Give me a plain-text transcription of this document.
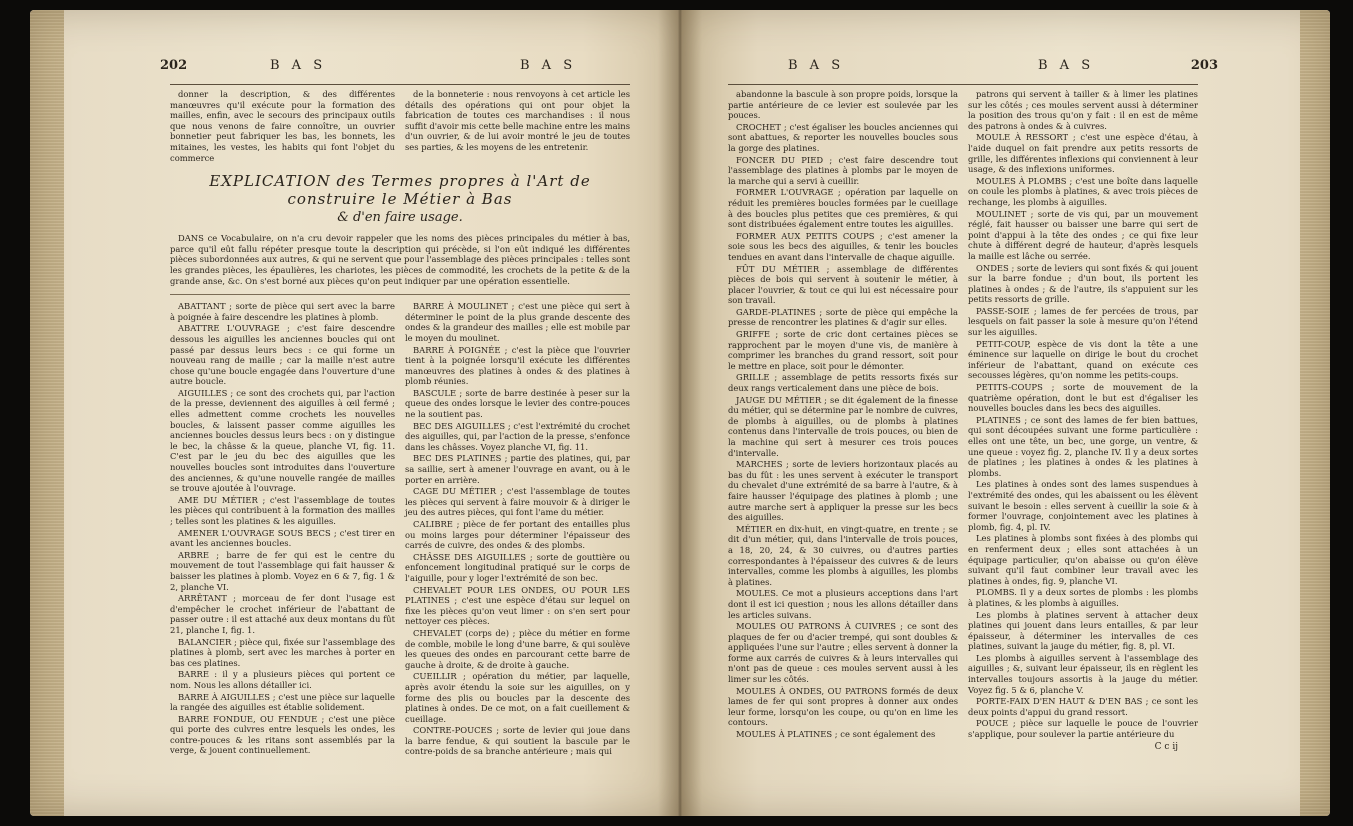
202	B A S	B A S

donner la description, & des différentes manœuvres qu'il exécute pour la formation des mailles, enfin, avec le secours des principaux outils que nous venons de faire connoître, un ouvrier bonnetier peut fabriquer les bas, les bonnets, les mitaines, les vestes, les habits qui font l'objet du commerce

de la bonneterie : nous renvoyons à cet article les détails des opérations qui ont pour objet la fabrication de toutes ces marchandises : il nous suffit d'avoir mis cette belle machine entre les mains d'un ouvrier, & de lui avoir montré le jeu de toutes ses parties, & les moyens de les entretenir.

EXPLICATION des Termes propres à l'Art de construire le Métier à Bas
& d'en faire usage.

DANS ce Vocabulaire, on n'a cru devoir rappeler que les noms des pièces principales du métier à bas, parce qu'il eût fallu répéter presque toute la description qui précède, si l'on eût indiqué les différentes pièces subordonnées aux autres, & qui ne servent que pour l'assemblage des pièces principales : telles sont les grandes pièces, les épaulières, les chariotes, les pièces de commodité, les crochets de la petite & de la grande anse, &c. On s'est borné aux pièces qu'on peut indiquer par une opération essentielle.

ABATTANT ; sorte de pièce qui sert avec la barre à poignée à faire descendre les platines à plomb.

ABATTRE L'OUVRAGE ; c'est faire descendre dessous les aiguilles les anciennes boucles qui ont passé par dessus leurs becs : ce qui forme un nouveau rang de maille ; car la maille n'est autre chose qu'une boucle engagée dans l'ouverture d'une autre boucle.

AIGUILLES ; ce sont des crochets qui, par l'action de la presse, deviennent des aiguilles à œil fermé ; elles admettent comme crochets les nouvelles boucles, & laissent passer comme aiguilles les anciennes boucles dessus leurs becs : on y distingue le bec, la châsse & la queue, planche VI, fig. 11. C'est par le jeu du bec des aiguilles que les nouvelles boucles sont introduites dans l'ouverture des anciennes, & qu'une nouvelle rangée de mailles se trouve ajoutée à l'ouvrage.

AME DU MÉTIER ; c'est l'assemblage de toutes les pièces qui contribuent à la formation des mailles ; telles sont les platines & les aiguilles.

AMENER L'OUVRAGE SOUS BECS ; c'est tirer en avant les anciennes boucles.

ARBRE ; barre de fer qui est le centre du mouvement de tout l'assemblage qui fait hausser & baisser les platines à plomb. Voyez en 6 & 7, fig. 1 & 2, planche VI.

ARRÊTANT ; morceau de fer dont l'usage est d'empêcher le crochet inférieur de l'abattant de passer outre : il est attaché aux deux montans du fût 21, planche I, fig. 1.

BALANCIER ; pièce qui, fixée sur l'assemblage des platines à plomb, sert avec les marches à porter en bas ces platines.

BARRE : il y a plusieurs pièces qui portent ce nom. Nous les allons détailler ici.

BARRE À AIGUILLES ; c'est une pièce sur laquelle la rangée des aiguilles est établie solidement.

BARRE FONDUE, OU FENDUE ; c'est une pièce qui porte des culvres entre lesquels les ondes, les contre-pouces & les ritans sont assemblés par la verge, & jouent continuellement.

BARRE À MOULINET ; c'est une pièce qui sert à déterminer le point de la plus grande descente des ondes & la grandeur des mailles ; elle est mobile par le moyen du moulinet.

BARRE À POIGNÉE ; c'est la pièce que l'ouvrier tient à la poignée lorsqu'il exécute les différentes manœuvres des platines à ondes & des platines à plomb réunies.

BASCULE ; sorte de barre destinée à peser sur la queue des ondes lorsque le levier des contre-pouces ne la soutient pas.

BEC DES AIGUILLES ; c'est l'extrémité du crochet des aiguilles, qui, par l'action de la presse, s'enfonce dans les châsses. Voyez planche VI, fig. 11.

BEC DES PLATINES ; partie des platines, qui, par sa saillie, sert à amener l'ouvrage en avant, ou à le porter en arrière.

CAGE DU MÉTIER ; c'est l'assemblage de toutes les pièces qui servent à faire mouvoir & à diriger le jeu des autres pièces, qui font l'ame du métier.

CALIBRE ; pièce de fer portant des entailles plus ou moins larges pour déterminer l'épaisseur des carrés de cuivre, des ondes & des plombs.

CHÂSSE DES AIGUILLES ; sorte de gouttière ou enfoncement longitudinal pratiqué sur le corps de l'aiguille, pour y loger l'extrémité de son bec.

CHEVALET POUR LES ONDES, OU POUR LES PLATINES ; c'est une espèce d'étau sur lequel on fixe les pièces qu'on veut limer : on s'en sert pour nettoyer ces pièces.

CHEVALET (corps de) ; pièce du métier en forme de comble, mobile le long d'une barre, & qui soulève les queues des ondes en parcourant cette barre de gauche à droite, & de droite à gauche.

CUEILLIR ; opération du métier, par laquelle, après avoir étendu la soie sur les aiguilles, on y forme des plis ou boucles par la descente des platines à ondes. De ce mot, on a fait cueillement & cueillage.

CONTRE-POUCES ; sorte de levier qui joue dans la barre fendue, & qui soutient la bascule par le contre-poids de sa branche antérieure ; mais qui

B A S	B A S	203

abandonne la bascule à son propre poids, lorsque la partie antérieure de ce levier est soulevée par les pouces.

CROCHET ; c'est égaliser les boucles anciennes qui sont abattues, & reporter les nouvelles boucles sous la gorge des platines.

FONCER DU PIED ; c'est faire descendre tout l'assemblage des platines à plombs par le moyen de la marche qui a servi à cueillir.

FORMER L'OUVRAGE ; opération par laquelle on réduit les premières boucles formées par le cueillage à des boucles plus petites que ces premières, & qui sont distribuées également entre toutes les aiguilles.

FORMER AUX PETITS COUPS ; c'est amener la soie sous les becs des aiguilles, & tenir les boucles tendues en avant dans l'intervalle de chaque aiguille.

FÛT DU MÉTIER ; assemblage de différentes pièces de bois qui servent à soutenir le métier, à placer l'ouvrier, & tout ce qui lui est nécessaire pour son travail.

GARDE-PLATINES ; sorte de pièce qui empêche la presse de rencontrer les platines & d'agir sur elles.

GRIFFE ; sorte de cric dont certaines pièces se rapprochent par le moyen d'une vis, de manière à comprimer les branches du grand ressort, soit pour le mettre en place, soit pour le démonter.

GRILLE ; assemblage de petits ressorts fixés sur deux rangs verticalement dans une pièce de bois.

JAUGE DU MÉTIER ; se dit également de la finesse du métier, qui se détermine par le nombre de cuivres, de plombs à aiguilles, ou de plombs à platines contenus dans l'intervalle de trois pouces, ou bien de la machine qui sert à mesurer ces trois pouces d'intervalle.

MARCHES ; sorte de leviers horizontaux placés au bas du fût : les unes servent à exécuter le transport du chevalet d'une extrémité de sa barre à l'autre, & à faire hausser l'équipage des platines à plomb ; une autre marche sert à appliquer la presse sur les becs des aiguilles.

MÉTIER en dix-huit, en vingt-quatre, en trente ; se dit d'un métier, qui, dans l'intervalle de trois pouces, a 18, 20, 24, & 30 cuivres, ou d'autres parties correspondantes à l'épaisseur des cuivres & de leurs intervalles, comme les plombs à aiguilles, les plombs à platines.

MOULES. Ce mot a plusieurs acceptions dans l'art dont il est ici question ; nous les allons détailler dans les articles suivans.

MOULES OU PATRONS À CUIVRES ; ce sont des plaques de fer ou d'acier trempé, qui sont doubles & appliquées l'une sur l'autre ; elles servent à donner la forme aux carrés de cuivres & à leurs intervalles qui n'ont pas de queue : ces moules servent aussi à les limer sur les côtés.

MOULES À ONDES, OU PATRONS formés de deux lames de fer qui sont propres à donner aux ondes leur forme, lorsqu'on les coupe, ou qu'on en lime les contours.

MOULES À PLATINES ; ce sont également des

patrons qui servent à tailler & à limer les platines sur les côtés ; ces moules servent aussi à déterminer la position des trous qu'on y fait : il en est de même des patrons à ondes & à cuivres.

MOULE À RESSORT ; c'est une espèce d'étau, à l'aide duquel on fait prendre aux petits ressorts de grille, les différentes inflexions qui conviennent à leur usage, & des inflexions uniformes.

MOULES À PLOMBS ; c'est une boîte dans laquelle on coule les plombs à platines, & avec trois pièces de rechange, les plombs à aiguilles.

MOULINET ; sorte de vis qui, par un mouvement réglé, fait hausser ou baisser une barre qui sert de point d'appui à la tête des ondes ; ce qui fixe leur chute à différent degré de hauteur, d'après lesquels la maille est lâche ou serrée.

ONDES ; sorte de leviers qui sont fixés & qui jouent sur la barre fondue ; d'un bout, ils portent les platines à ondes ; & de l'autre, ils s'appuient sur les petits ressorts de grille.

PASSE-SOIE ; lames de fer percées de trous, par lesquels on fait passer la soie à mesure qu'on l'étend sur les aiguilles.

PETIT-COUP, espèce de vis dont la tête a une éminence sur laquelle on dirige le bout du crochet inférieur de l'abattant, quand on exécute ces secousses légères, qu'on nomme les petits-coups.

PETITS-COUPS ; sorte de mouvement de la quatrième opération, dont le but est d'égaliser les nouvelles boucles dans les becs des aiguilles.

PLATINES ; ce sont des lames de fer bien battues, qui sont découpées suivant une forme particulière : elles ont une tête, un bec, une gorge, un ventre, & une queue : voyez fig. 2, planche IV. Il y a deux sortes de platines ; les platines à ondes & les platines à plombs.

Les platines à ondes sont des lames suspendues à l'extrémité des ondes, qui les abaissent ou les élèvent suivant le besoin : elles servent à cueillir la soie & à former l'ouvrage, conjointement avec les platines à plomb, fig. 4, pl. IV.

Les platines à plombs sont fixées à des plombs qui en renferment deux ; elles sont attachées à un équipage particulier, qu'on abaisse ou qu'on élève suivant qu'il faut combiner leur travail avec les platines à ondes, fig. 9, planche VI.

PLOMBS. Il y a deux sortes de plombs : les plombs à platines, & les plombs à aiguilles.

Les plombs à platines servent à attacher deux platines qui jouent dans leurs entailles, & par leur épaisseur, à déterminer les intervalles de ces platines, suivant la jauge du métier, fig. 8, pl. VI.

Les plombs à aiguilles servent à l'assemblage des aiguilles ; &, suivant leur épaisseur, ils en règlent les intervalles toujours assortis à la jauge du métier. Voyez fig. 5 & 6, planche V.

PORTE-FAIX D'EN HAUT & D'EN BAS ; ce sont les deux points d'appui du grand ressort.

POUCE ; pièce sur laquelle le pouce de l'ouvrier s'applique, pour soulever la partie antérieure du

C c ij
